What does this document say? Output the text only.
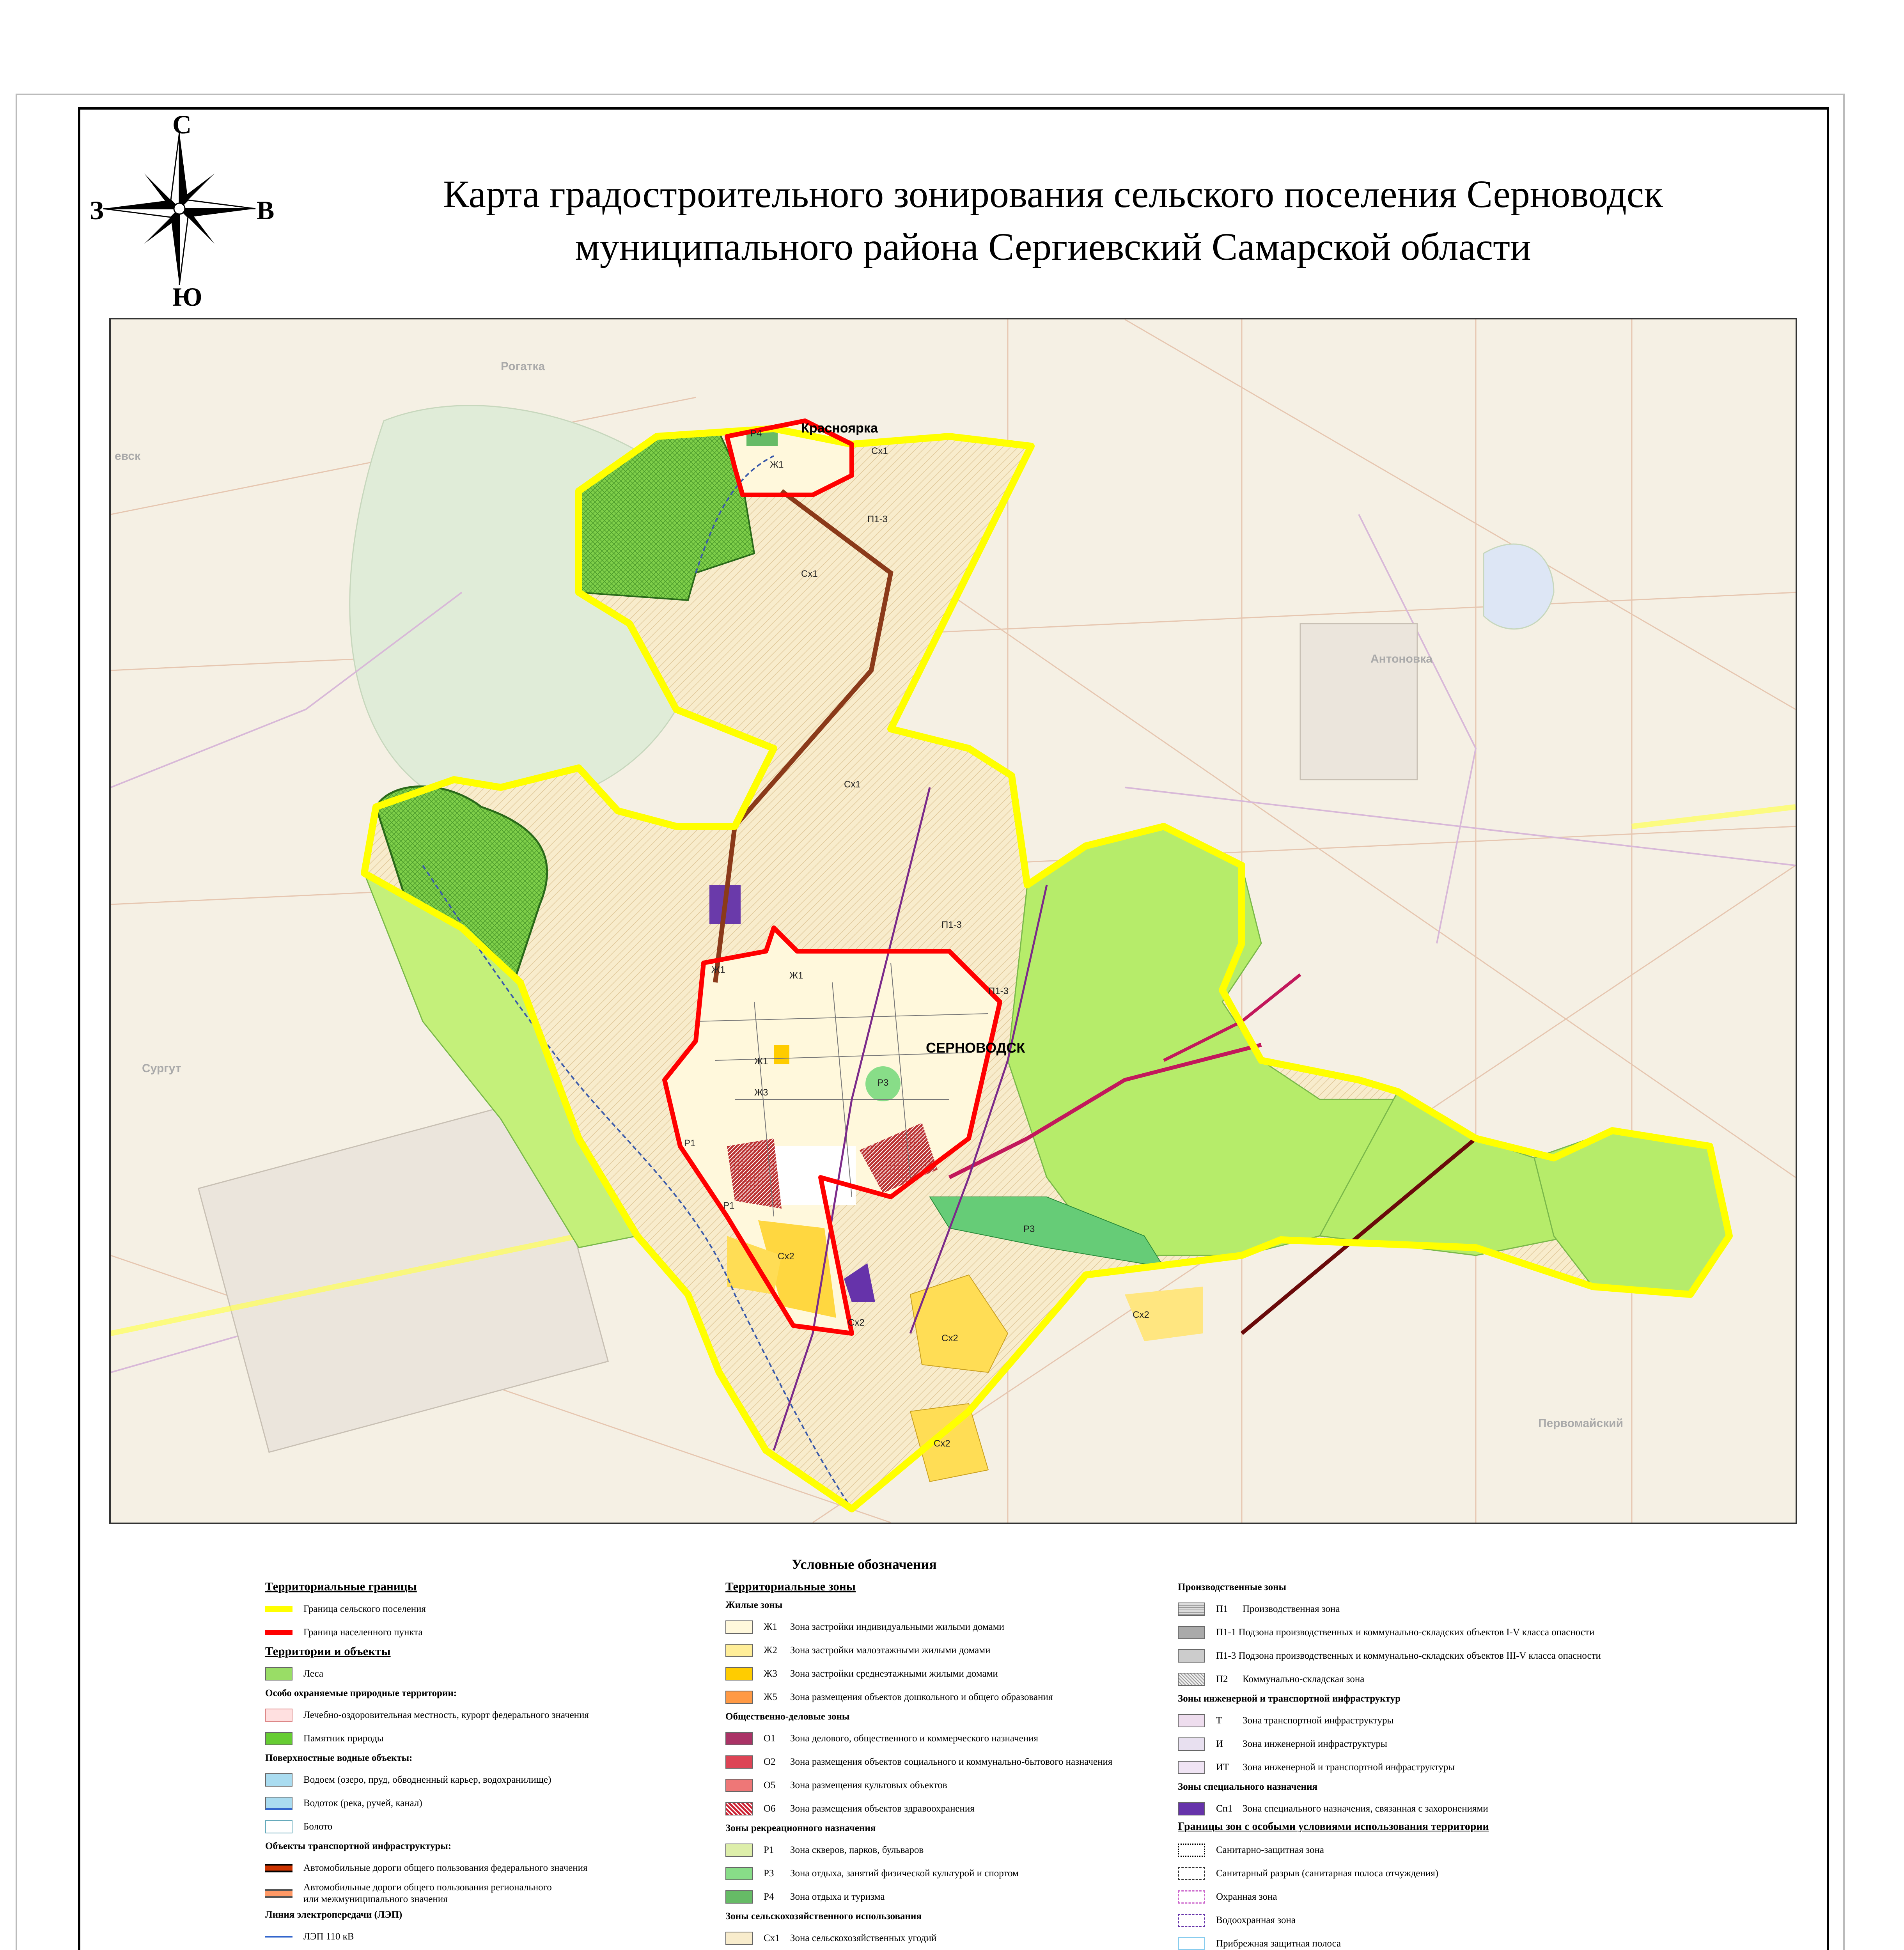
С
Ю
З	В	Карта градостроительного зонирования сельского поселения Серноводск
муниципального района Сергиевский Самарской области
Красноярка
СЕРНОВОДСК
Рогатка
Антоновка
Сургут
Первомайский
евск	Сх1
Сх1
Сх1
Ж1
Ж1
Ж1
Ж1
Р4
П1-3
П1-3
Р3
Р3
Сх2
Сх2
Сх2
Сх2
Р1
Р1
Ж3
Сх2
П1-3
Условные обозначения
Территориальные границы
Граница сельского поселения
Граница населенного пункта
Территории и объекты
Леса
Особо охраняемые природные территории:
Лечебно-оздоровительная местность, курорт федерального значения
Памятник природы
Поверхностные водные объекты:
Водоем (озеро, пруд, обводненный карьер, водохранилище)
Водоток (река, ручей, канал)
Болото
Объекты транспортной инфраструктуры:
Автомобильные дороги общего пользования федерального значения
Автомобильные дороги общего пользования регионального
или межмуниципального значения
Линия электропередачи (ЛЭП)
ЛЭП 110 кВ
Территориальные зоны
Жилые зоны
Ж1	Зона застройки индивидуальными жилыми домами
Ж2	Зона застройки малоэтажными жилыми домами
Ж3	Зона застройки среднеэтажными жилыми домами
Ж5	Зона размещения объектов дошкольного и общего образования
Общественно-деловые зоны
О1	Зона делового, общественного и коммерческого назначения
О2	Зона размещения объектов социального и коммунально-бытового назначения
О5	Зона размещения культовых объектов
О6	Зона размещения объектов здравоохранения
Зоны рекреационного назначения
Р1	Зона скверов, парков, бульваров
Р3	Зона отдыха, занятий физической культурой и спортом
Р4	Зона отдыха и туризма
Зоны сельскохозяйственного использования
Сх1	Зона сельскохозяйственных угодий
Производственные зоны
П1	Производственная зона
П1-1 Подзона производственных и коммунально-складских объектов I-V класса опасности
П1-3 Подзона производственных и коммунально-складских объектов III-V класса опасности
П2	Коммунально-складская зона
Зоны инженерной и транспортной инфраструктур
Т	Зона транспортной инфраструктуры
И	Зона инженерной инфраструктуры
ИТ	Зона инженерной и транспортной инфраструктуры
Зоны специального назначения
Сп1	Зона специального назначения, связанная с захоронениями
Границы зон с особыми условиями использования территории
Санитарно-защитная зона
Санитарный разрыв (санитарная полоса отчуждения)
Охранная зона
Водоохранная зона
Прибрежная защитная полоса
